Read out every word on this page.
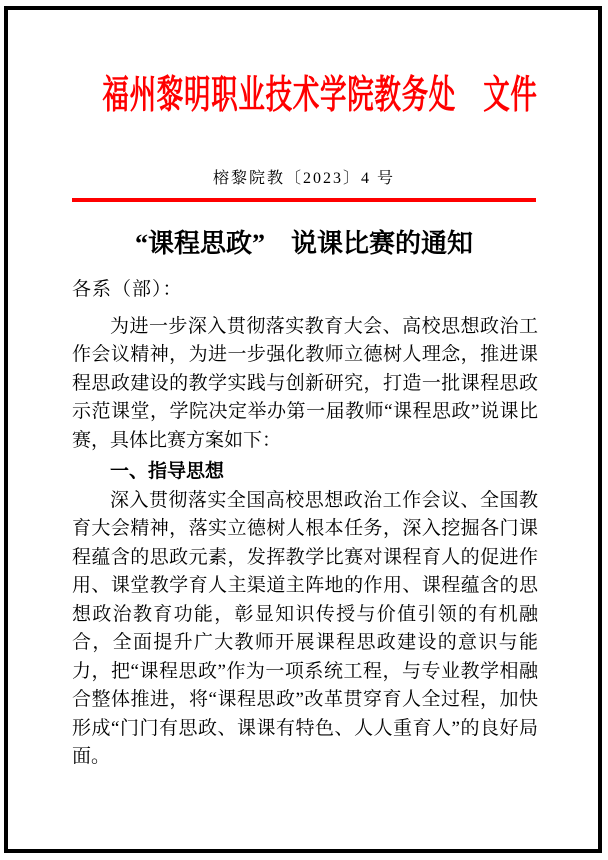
福州黎明职业技术学院教务处　文件
榕黎院教〔2023〕4 号
“课程思政”　说课比赛的通知

各系（部）：

为进一步深入贯彻落实教育大会、高校思想政治工作会议精神，为进一步强化教师立德树人理念，推进课程思政建设的教学实践与创新研究，打造一批课程思政示范课堂，学院决定举办第一届教师“课程思政”说课比赛，具体比赛方案如下：

一、指导思想

深入贯彻落实全国高校思想政治工作会议、全国教育大会精神，落实立德树人根本任务，深入挖掘各门课程蕴含的思政元素，发挥教学比赛对课程育人的促进作用、课堂教学育人主渠道主阵地的作用、课程蕴含的思想政治教育功能，彰显知识传授与价值引领的有机融合，全面提升广大教师开展课程思政建设的意识与能力，把“课程思政”作为一项系统工程，与专业教学相融合整体推进，将“课程思政”改革贯穿育人全过程，加快形成“门门有思政、课课有特色、人人重育人”的良好局面。
